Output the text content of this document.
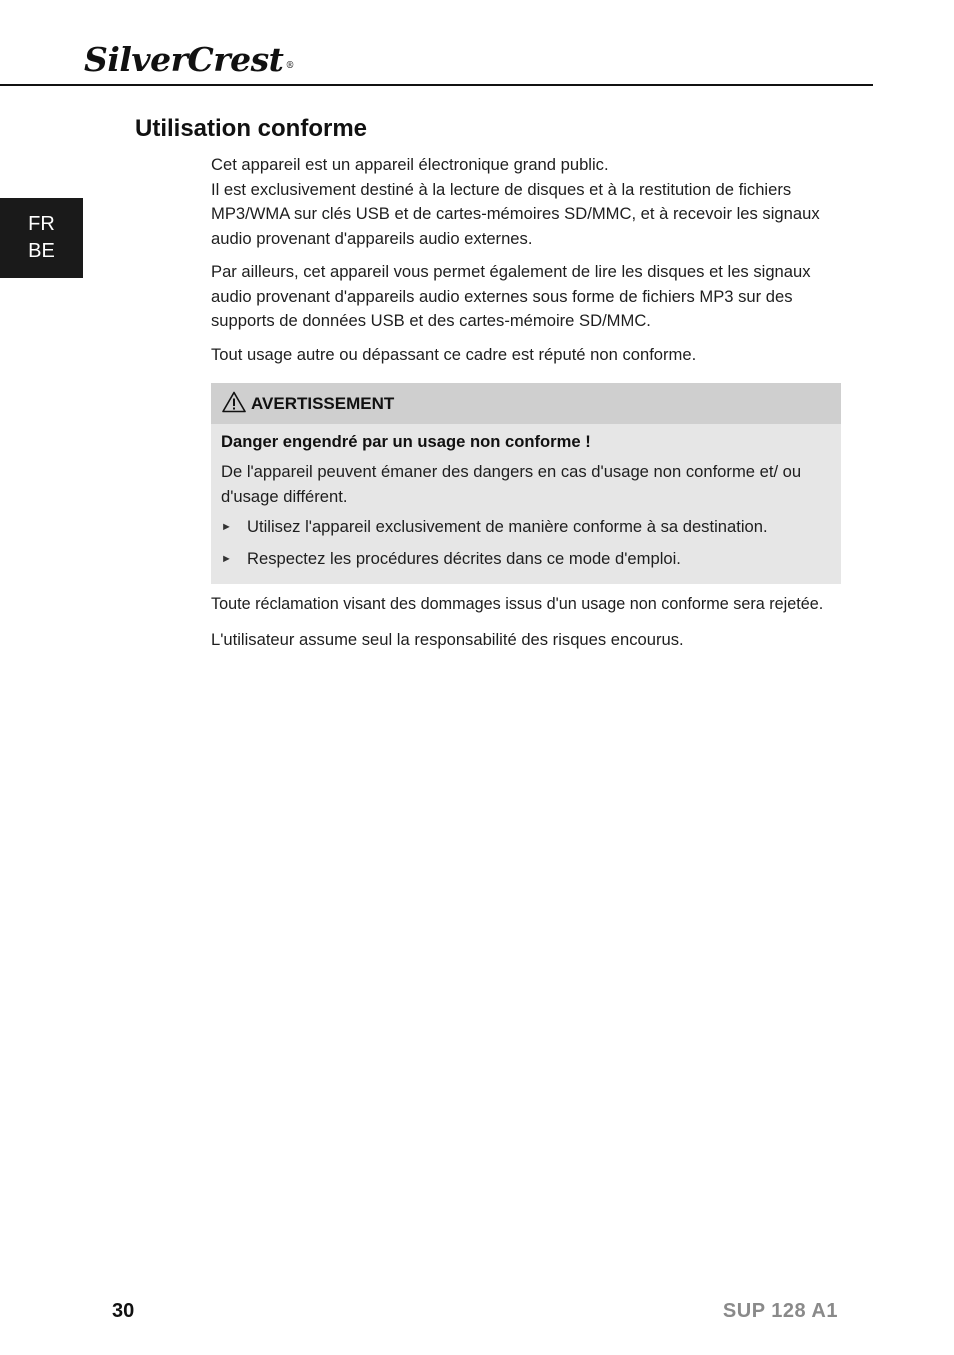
SilverCrest ®
FR
BE
Utilisation conforme

Cet appareil est un appareil électronique grand public.
Il est exclusivement destiné à la lecture de disques et à la restitution de fichiers MP3/WMA sur clés USB et de cartes-mémoires SD/MMC, et à recevoir les signaux audio provenant d'appareils audio externes.

Par ailleurs, cet appareil vous permet également de lire les disques et les signaux audio provenant d'appareils audio externes sous forme de fichiers MP3 sur des supports de données USB et des cartes-mémoire SD/MMC.

Tout usage autre ou dépassant ce cadre est réputé non conforme.

AVERTISSEMENT

Danger engendré par un usage non conforme !

De l'appareil peuvent émaner des dangers en cas d'usage non conforme et/ ou d'usage différent.

► Utilisez l'appareil exclusivement de manière conforme à sa destination.
► Respectez les procédures décrites dans ce mode d'emploi.

Toute réclamation visant des dommages issus d'un usage non conforme sera rejetée.

L'utilisateur assume seul la responsabilité des risques encourus.

30	SUP 128 A1
